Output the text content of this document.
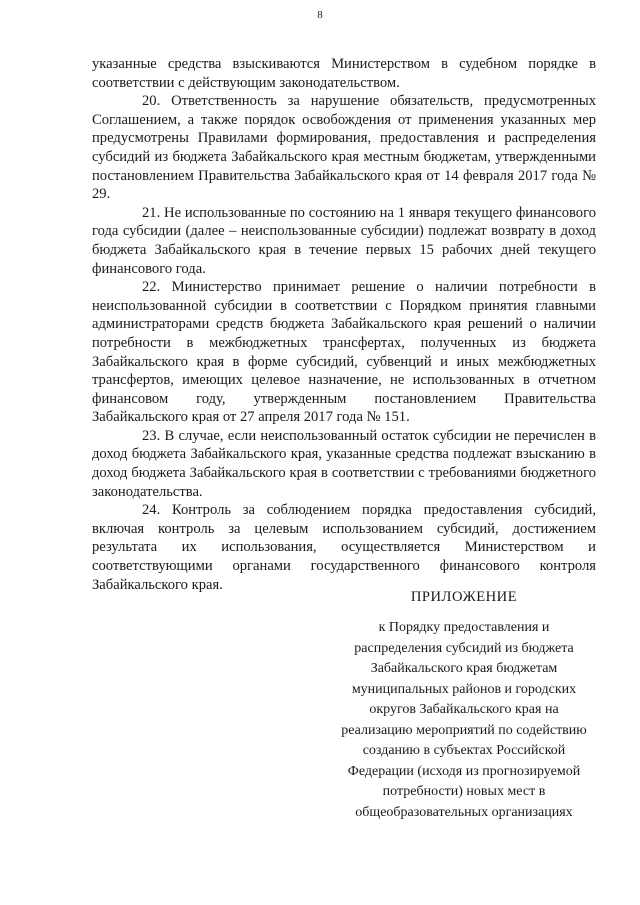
8

указанные средства взыскиваются Министерством в судебном порядке в соответствии с действующим законодательством.

20. Ответственность за нарушение обязательств, предусмотренных Соглашением, а также порядок освобождения от применения указанных мер предусмотрены Правилами формирования, предоставления и распределения субсидий из бюджета Забайкальского края местным бюджетам, утвержденными постановлением Правительства Забайкальского края от 14 февраля 2017 года № 29.

21. Не использованные по состоянию на 1 января текущего финансового года субсидии (далее – неиспользованные субсидии) подлежат возврату в доход бюджета Забайкальского края в течение первых 15 рабочих дней текущего финансового года.

22. Министерство принимает решение о наличии потребности в неиспользованной субсидии в соответствии с Порядком принятия главными администраторами средств бюджета Забайкальского края решений о наличии потребности в межбюджетных трансфертах, полученных из бюджета Забайкальского края в форме субсидий, субвенций и иных межбюджетных трансфертов, имеющих целевое назначение, не использованных в отчетном финансовом году, утвержденным постановлением Правительства Забайкальского края от 27 апреля 2017 года № 151.

23. В случае, если неиспользованный остаток субсидии не перечислен в доход бюджета Забайкальского края, указанные средства подлежат взысканию в доход бюджета Забайкальского края в соответствии с требованиями бюджетного законодательства.

24. Контроль за соблюдением порядка предоставления субсидий, включая контроль за целевым использованием субсидий, достижением результата их использования, осуществляется Министерством и соответствующими органами государственного финансового контроля Забайкальского края.

ПРИЛОЖЕНИЕ
к Порядку предоставления и
распределения субсидий из бюджета
Забайкальского края бюджетам
муниципальных районов и городских
округов Забайкальского края на
реализацию мероприятий по содействию
созданию в субъектах Российской
Федерации (исходя из прогнозируемой
потребности) новых мест в
общеобразовательных организациях
